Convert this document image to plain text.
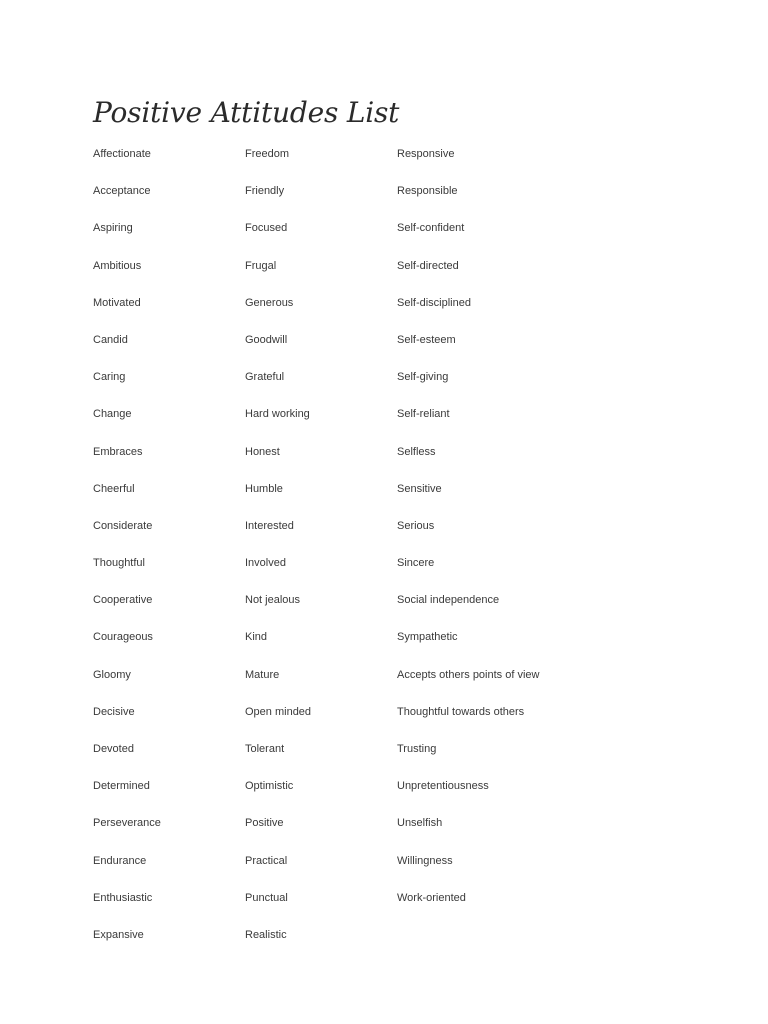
Positive Attitudes List
Affectionate
Acceptance
Aspiring
Ambitious
Motivated
Candid
Caring
Change
Embraces
Cheerful
Considerate
Thoughtful
Cooperative
Courageous
Gloomy
Decisive
Devoted
Determined
Perseverance
Endurance
Enthusiastic
Expansive
Freedom
Friendly
Focused
Frugal
Generous
Goodwill
Grateful
Hard working
Honest
Humble
Interested
Involved
Not jealous
Kind
Mature
Open minded
Tolerant
Optimistic
Positive
Practical
Punctual
Realistic
Responsive
Responsible
Self-confident
Self-directed
Self-disciplined
Self-esteem
Self-giving
Self-reliant
Selfless
Sensitive
Serious
Sincere
Social independence
Sympathetic
Accepts others points of view
Thoughtful towards others
Trusting
Unpretentiousness
Unselfish
Willingness
Work-oriented
